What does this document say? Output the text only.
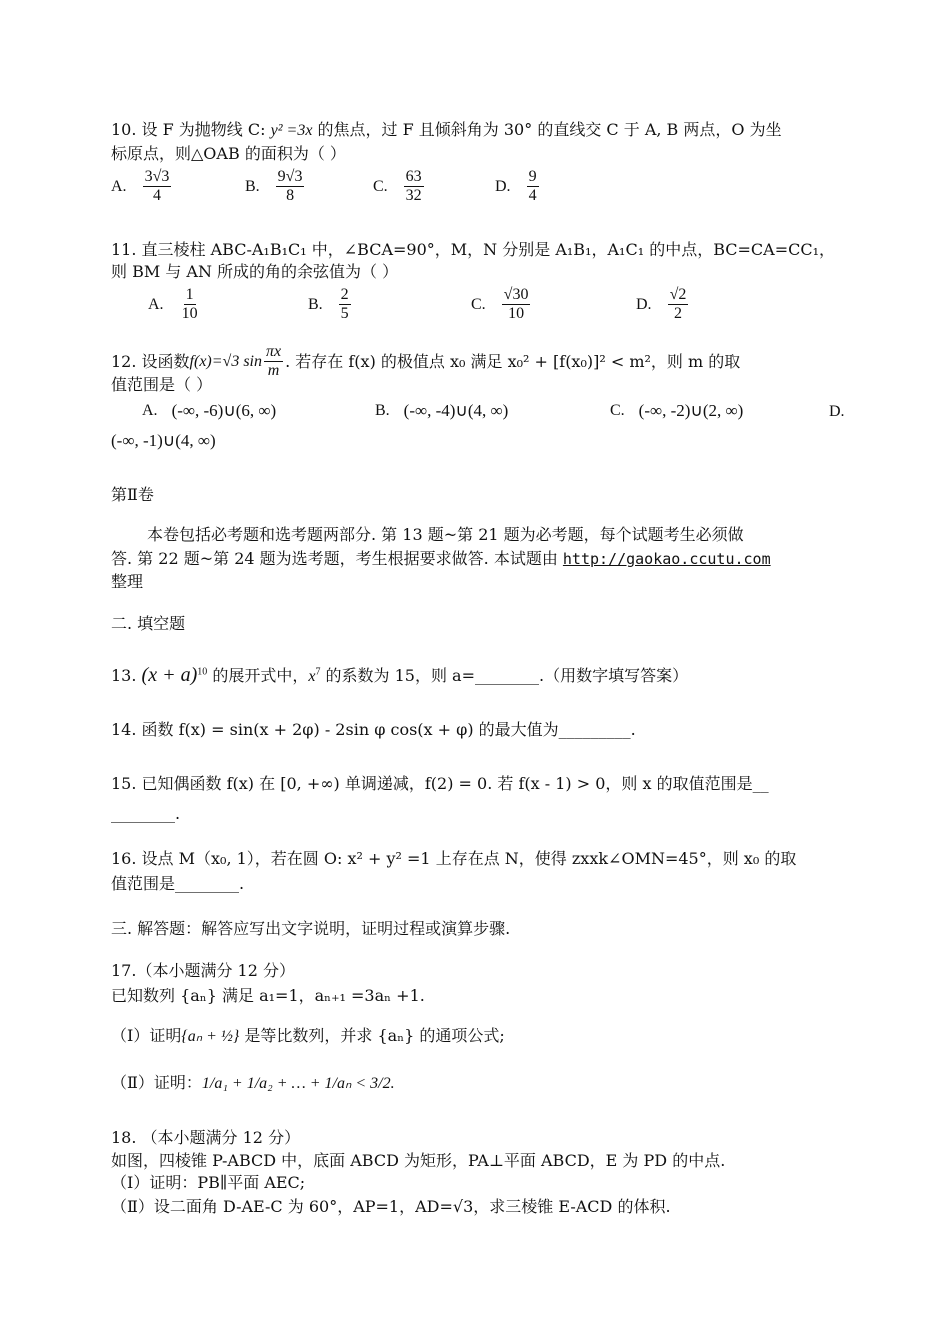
10. 设 F 为抛物线 C: y² =3x 的焦点，过 F 且倾斜角为 30° 的直线交 C 于 A, B 两点，O 为坐
标原点，则△OAB 的面积为（ ）
A. $\frac{3√3}{4}$	B. $\frac{9√3}{8}$	C. $\frac{63}{32}$	D. $\frac{9}{4}$
11. 直三棱柱 ABC-A₁B₁C₁ 中，∠BCA=90°，M，N 分别是 A₁B₁，A₁C₁ 的中点，BC=CA=CC₁，
则 BM 与 AN 所成的角的余弦值为（ ）
A. $\frac{1}{10}$	B. $\frac{2}{5}$	C. $\frac{√30}{10}$	D. $\frac{√2}{2}$
12. 设函数 f(x)=√3 $\sin \frac{\pi x}{m}$ . 若存在 f(x) 的极值点 x₀ 满足 x₀² + [f(x₀)]² < m²，则 m 的取
值范围是（ ）
A. (-∞, -6)∪(6, ∞)	B. (-∞, -4)∪(4, ∞)	C. (-∞, -2)∪(2, ∞)	D.
(-∞, -1)∪(4, ∞)
第Ⅱ卷
本卷包括必考题和选考题两部分. 第 13 题~第 21 题为必考题，每个试题考生必须做
答. 第 22 题~第 24 题为选考题，考生根据要求做答. 本试题由 http://gaokao.ccutu.com
整理
二. 填空题
13. $(x + a)^{10}$ 的展开式中，$x^7$ 的系数为 15，则 a=________.（用数字填写答案）
14. 函数 f(x) = sin(x + 2φ) - 2sin φ cos(x + φ) 的最大值为_________.
15. 已知偶函数 f(x) 在 [0, +∞) 单调递减，f(2) = 0. 若 f(x - 1) > 0，则 x 的取值范围是__
________.
16. 设点 M（x₀, 1），若在圆 O: x² + y² =1 上存在点 N，使得 zxxk∠OMN=45°，则 x₀ 的取
值范围是________.
三. 解答题：解答应写出文字说明，证明过程或演算步骤.
17.（本小题满分 12 分）
已知数列 {aₙ} 满足 a₁=1，aₙ₊₁ =3aₙ +1.
（Ⅰ）证明{aₙ + ½} 是等比数列，并求 {aₙ} 的通项公式;
（Ⅱ）证明：1/a₁ + 1/a₂ + … + 1/aₙ < 3/2.
18. （本小题满分 12 分）
如图，四棱锥 P-ABCD 中，底面 ABCD 为矩形，PA⊥平面 ABCD，E 为 PD 的中点.
（Ⅰ）证明：PB∥平面 AEC;
（Ⅱ）设二面角 D-AE-C 为 60°，AP=1，AD=√3，求三棱锥 E-ACD 的体积.
